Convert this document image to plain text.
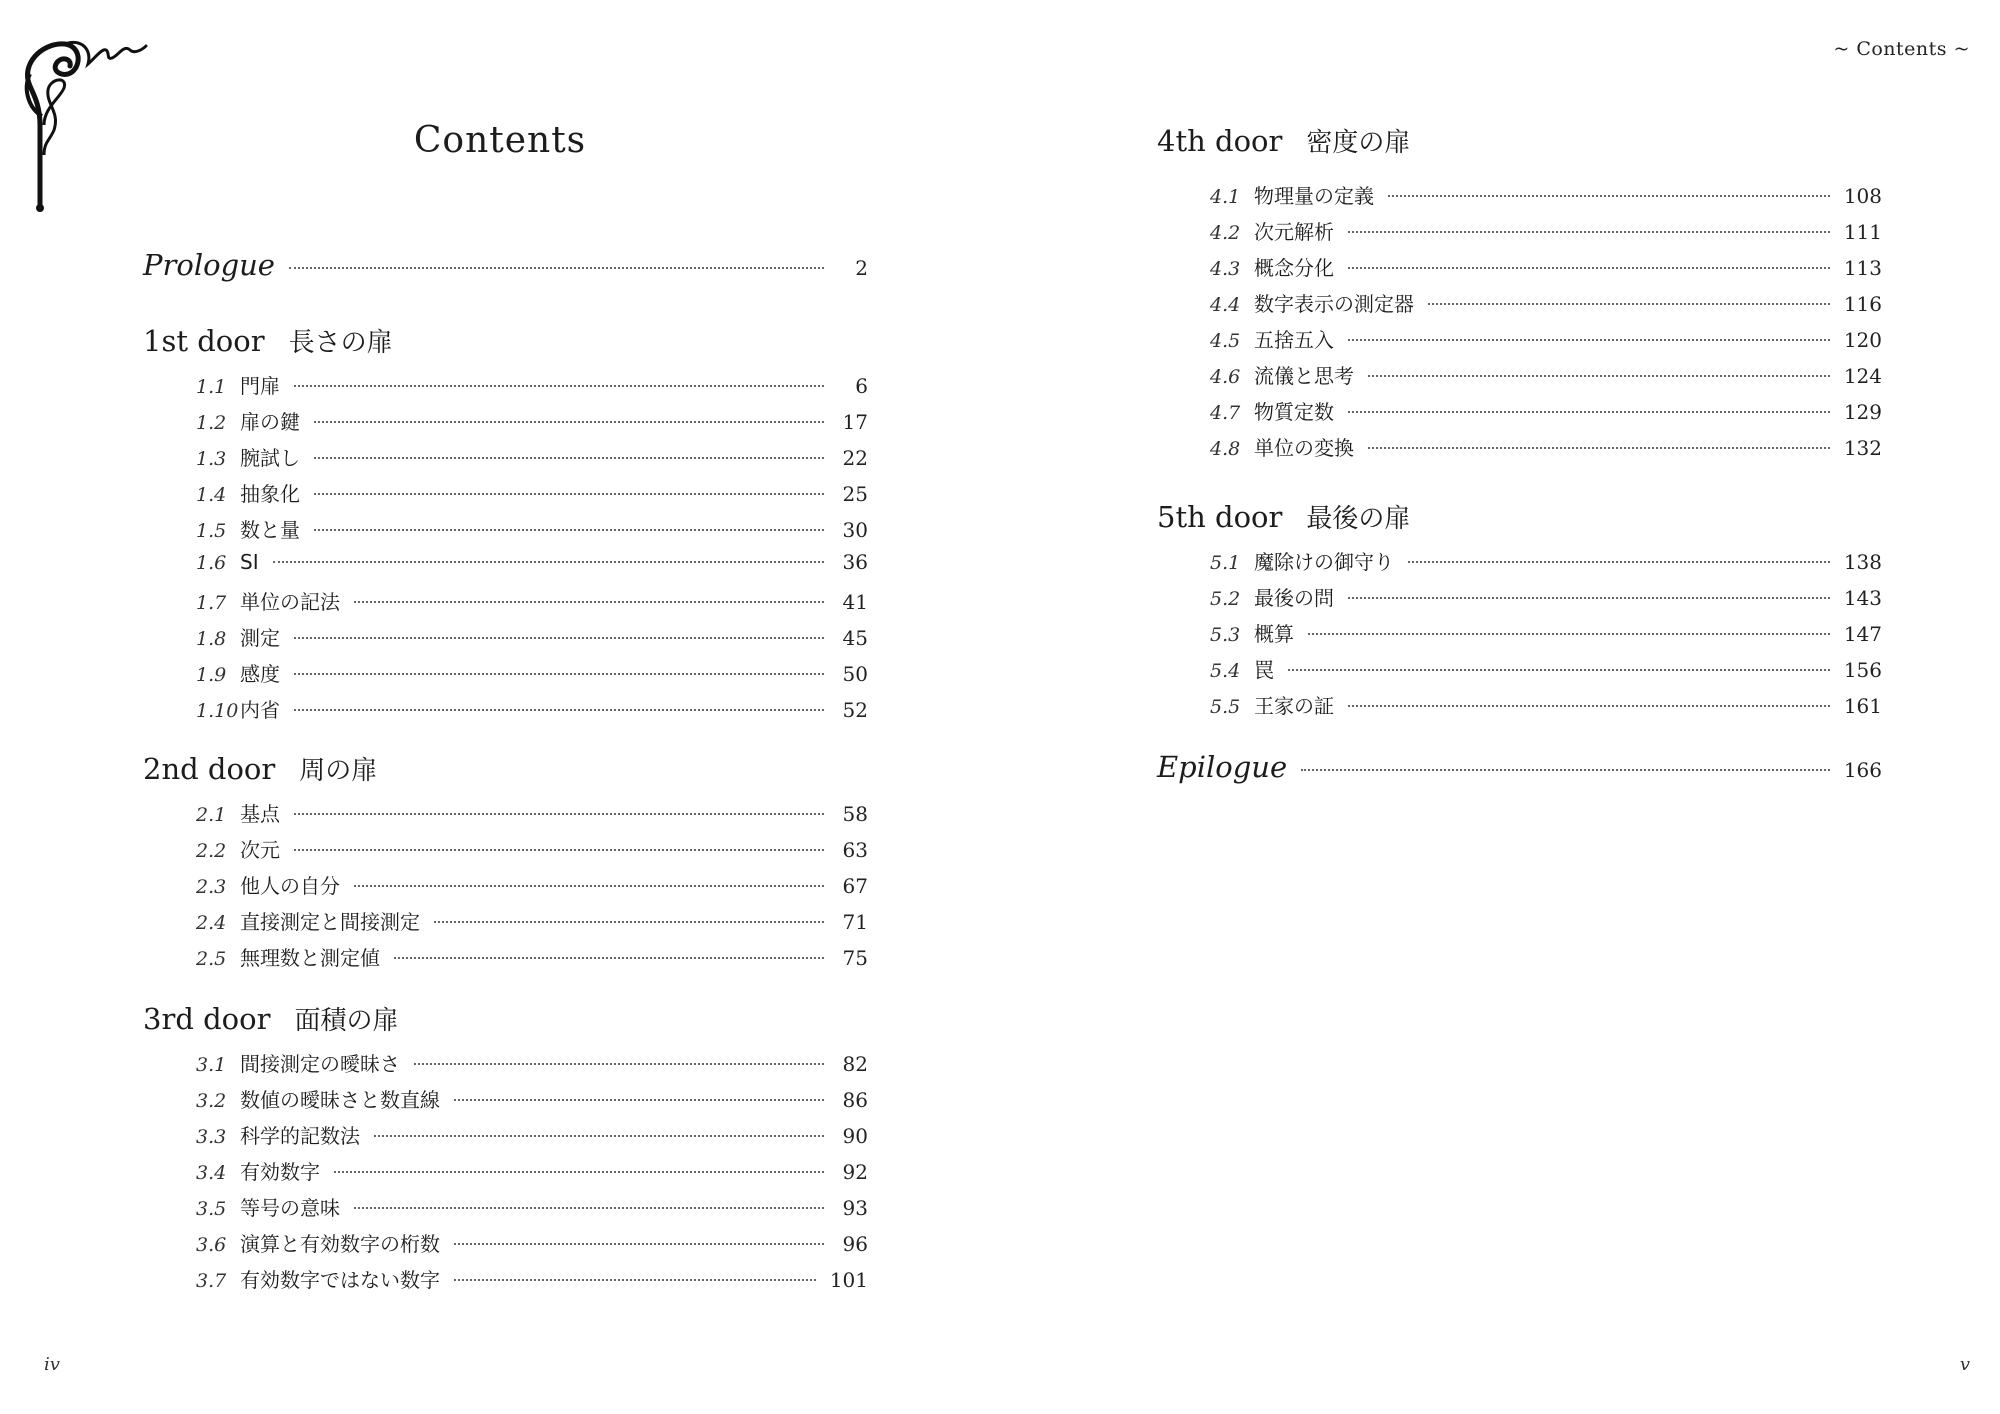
~ Contents ~
Contents
Prologue	2
1st door 長さの扉
1.1 門扉	6
1.2 扉の鍵	17
1.3 腕試し	22
1.4 抽象化	25
1.5 数と量	30
1.6 SI	36
1.7 単位の記法	41
1.8 測定	45
1.9 感度	50
1.10 内省	52
2nd door 周の扉
2.1 基点	58
2.2 次元	63
2.3 他人の自分	67
2.4 直接測定と間接測定	71
2.5 無理数と測定値	75
3rd door 面積の扉
3.1 間接測定の曖昧さ	82
3.2 数値の曖昧さと数直線	86
3.3 科学的記数法	90
3.4 有効数字	92
3.5 等号の意味	93
3.6 演算と有効数字の桁数	96
3.7 有効数字ではない数字	101
4th door 密度の扉
4.1 物理量の定義	108
4.2 次元解析	111
4.3 概念分化	113
4.4 数字表示の測定器	116
4.5 五捨五入	120
4.6 流儀と思考	124
4.7 物質定数	129
4.8 単位の変換	132
5th door 最後の扉
5.1 魔除けの御守り	138
5.2 最後の問	143
5.3 概算	147
5.4 罠	156
5.5 王家の証	161
Epilogue	166
iv	v
